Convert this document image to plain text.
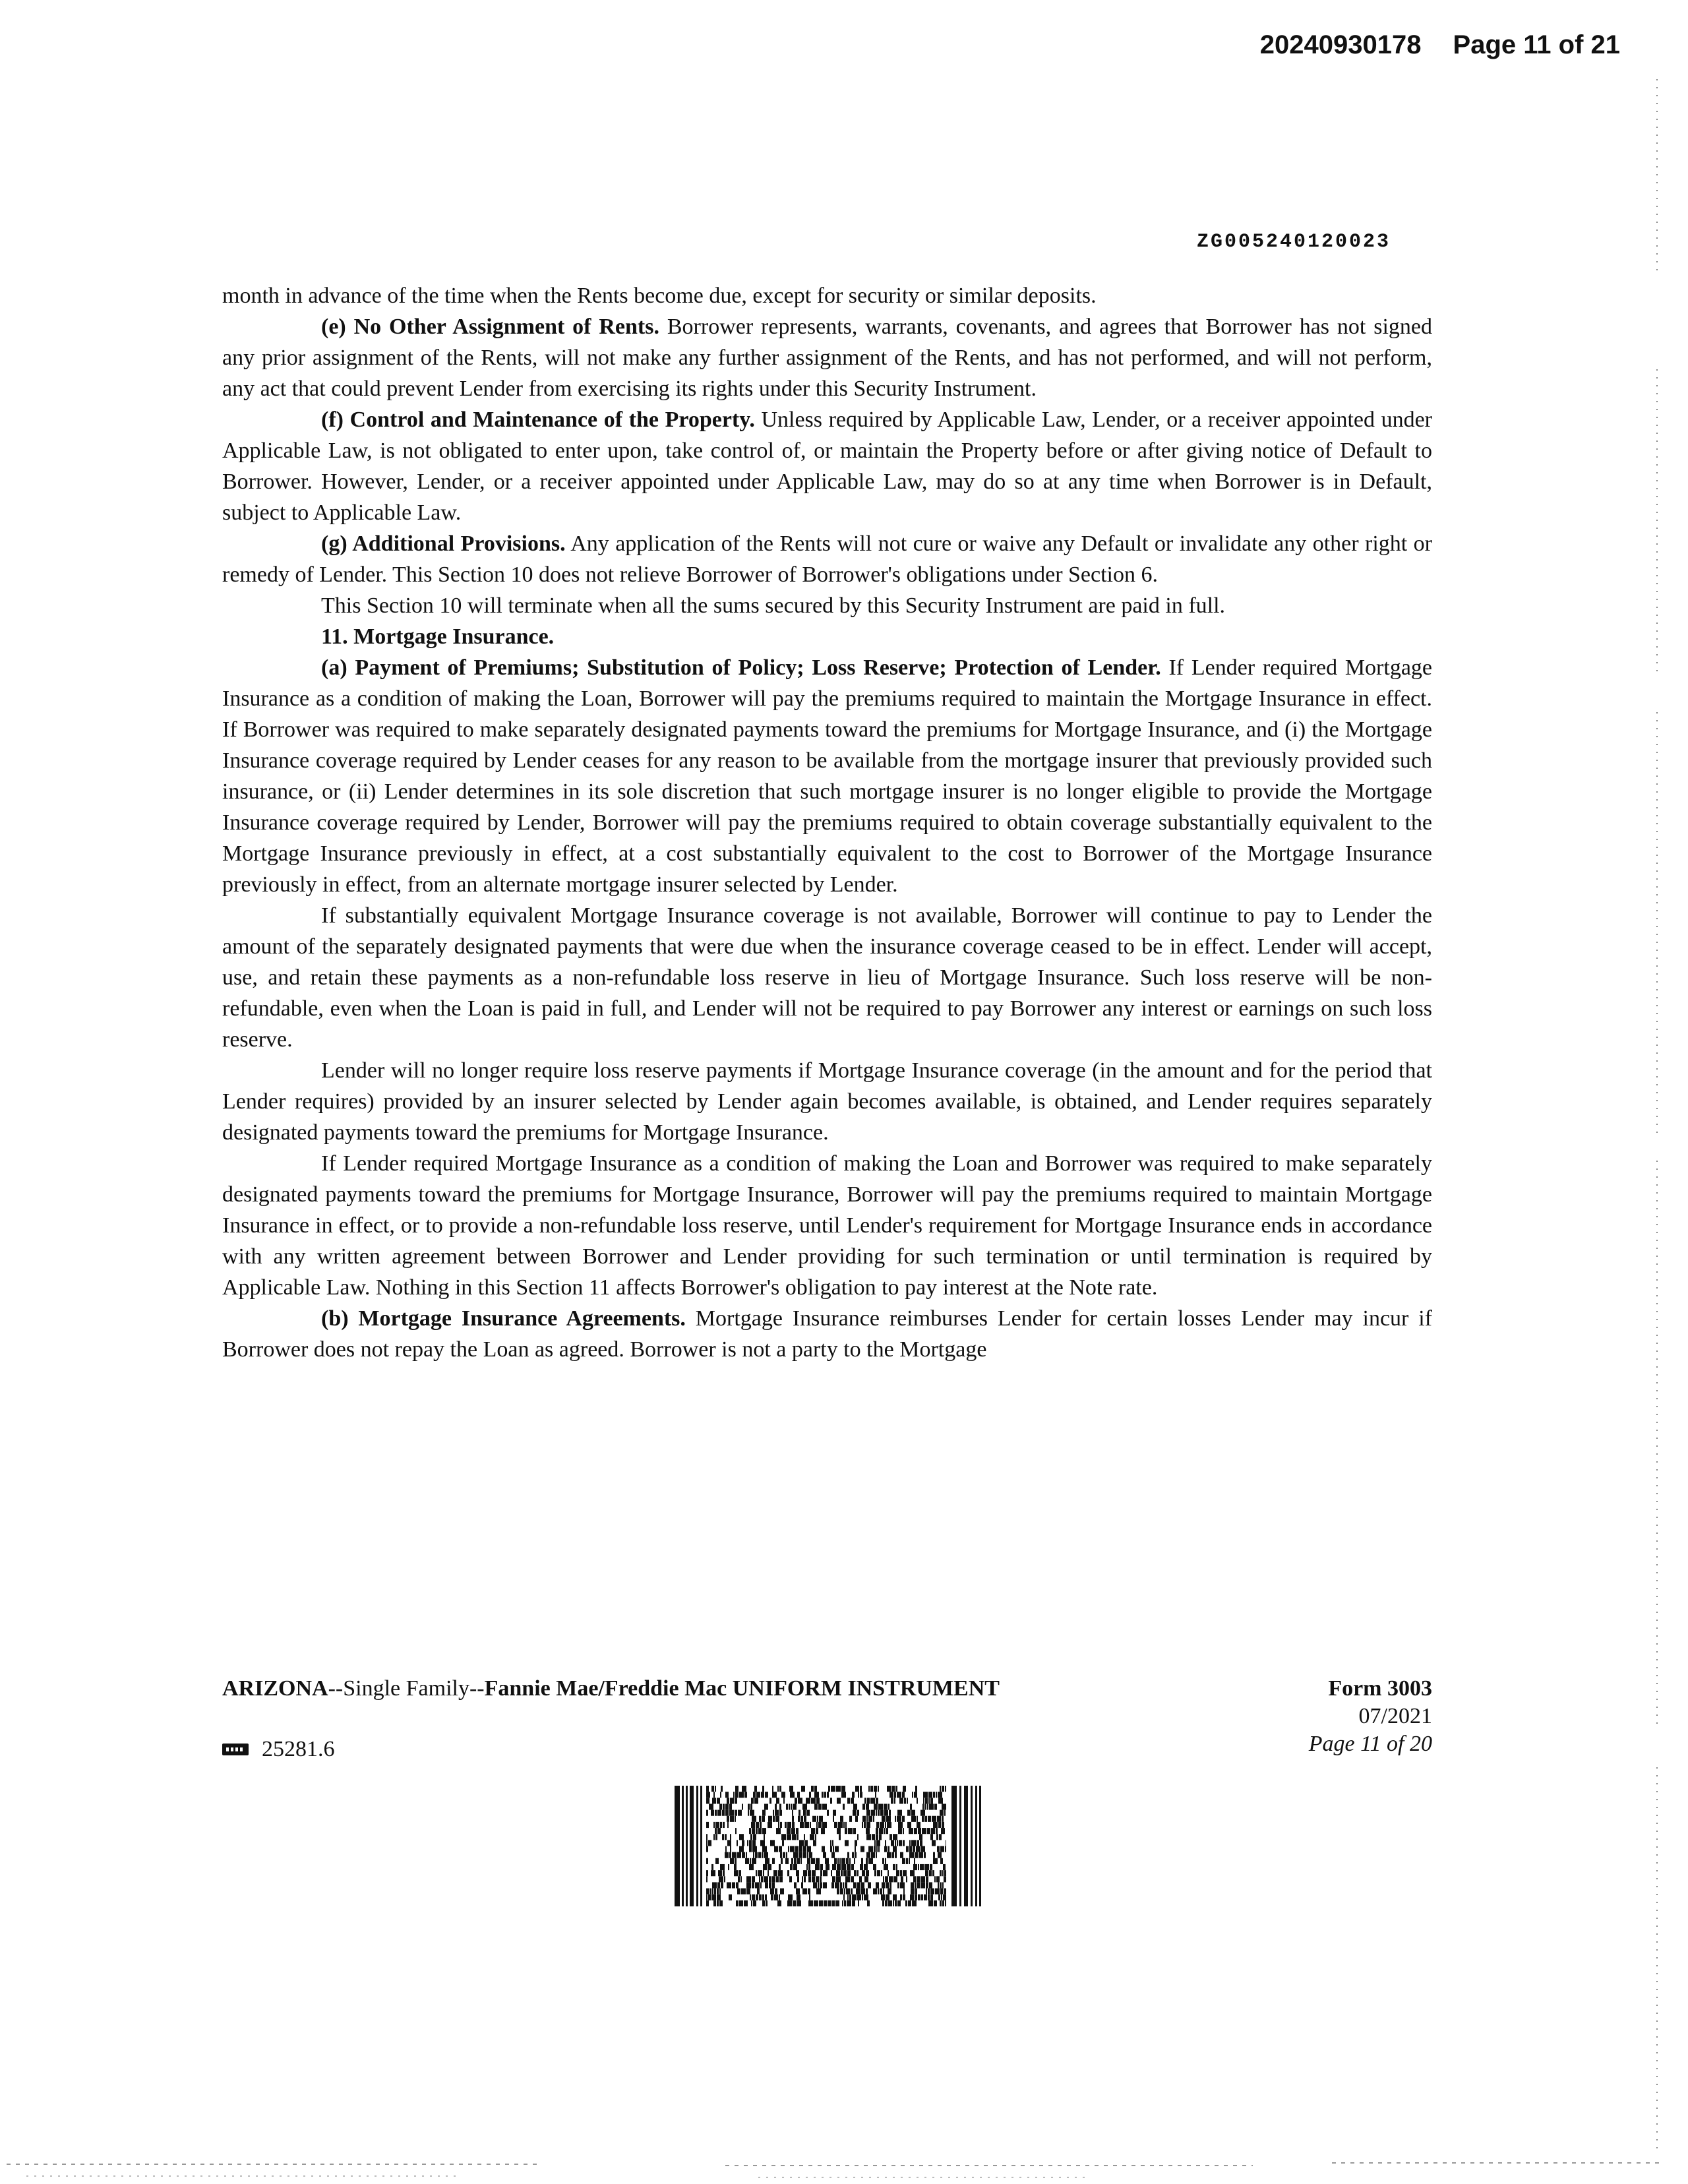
20240930178 Page 11 of 21
ZG005240120023

month in advance of the time when the Rents become due, except for security or similar deposits.

(e) No Other Assignment of Rents. Borrower represents, warrants, covenants, and agrees that Borrower has not signed any prior assignment of the Rents, will not make any further assignment of the Rents, and has not performed, and will not perform, any act that could prevent Lender from exercising its rights under this Security Instrument.

(f) Control and Maintenance of the Property. Unless required by Applicable Law, Lender, or a receiver appointed under Applicable Law, is not obligated to enter upon, take control of, or maintain the Property before or after giving notice of Default to Borrower. However, Lender, or a receiver appointed under Applicable Law, may do so at any time when Borrower is in Default, subject to Applicable Law.

(g) Additional Provisions. Any application of the Rents will not cure or waive any Default or invalidate any other right or remedy of Lender. This Section 10 does not relieve Borrower of Borrower's obligations under Section 6.

This Section 10 will terminate when all the sums secured by this Security Instrument are paid in full.

11. Mortgage Insurance.

(a) Payment of Premiums; Substitution of Policy; Loss Reserve; Protection of Lender. If Lender required Mortgage Insurance as a condition of making the Loan, Borrower will pay the premiums required to maintain the Mortgage Insurance in effect. If Borrower was required to make separately designated payments toward the premiums for Mortgage Insurance, and (i) the Mortgage Insurance coverage required by Lender ceases for any reason to be available from the mortgage insurer that previously provided such insurance, or (ii) Lender determines in its sole discretion that such mortgage insurer is no longer eligible to provide the Mortgage Insurance coverage required by Lender, Borrower will pay the premiums required to obtain coverage substantially equivalent to the Mortgage Insurance previously in effect, at a cost substantially equivalent to the cost to Borrower of the Mortgage Insurance previously in effect, from an alternate mortgage insurer selected by Lender.

If substantially equivalent Mortgage Insurance coverage is not available, Borrower will continue to pay to Lender the amount of the separately designated payments that were due when the insurance coverage ceased to be in effect. Lender will accept, use, and retain these payments as a non-refundable loss reserve in lieu of Mortgage Insurance. Such loss reserve will be non-refundable, even when the Loan is paid in full, and Lender will not be required to pay Borrower any interest or earnings on such loss reserve.

Lender will no longer require loss reserve payments if Mortgage Insurance coverage (in the amount and for the period that Lender requires) provided by an insurer selected by Lender again becomes available, is obtained, and Lender requires separately designated payments toward the premiums for Mortgage Insurance.

If Lender required Mortgage Insurance as a condition of making the Loan and Borrower was required to make separately designated payments toward the premiums for Mortgage Insurance, Borrower will pay the premiums required to maintain Mortgage Insurance in effect, or to provide a non-refundable loss reserve, until Lender's requirement for Mortgage Insurance ends in accordance with any written agreement between Borrower and Lender providing for such termination or until termination is required by Applicable Law. Nothing in this Section 11 affects Borrower's obligation to pay interest at the Note rate.

(b) Mortgage Insurance Agreements. Mortgage Insurance reimburses Lender for certain losses Lender may incur if Borrower does not repay the Loan as agreed. Borrower is not a party to the Mortgage

ARIZONA--Single Family--Fannie Mae/Freddie Mac UNIFORM INSTRUMENT	Form 3003
07/2021
Page 11 of 20
25281.6
